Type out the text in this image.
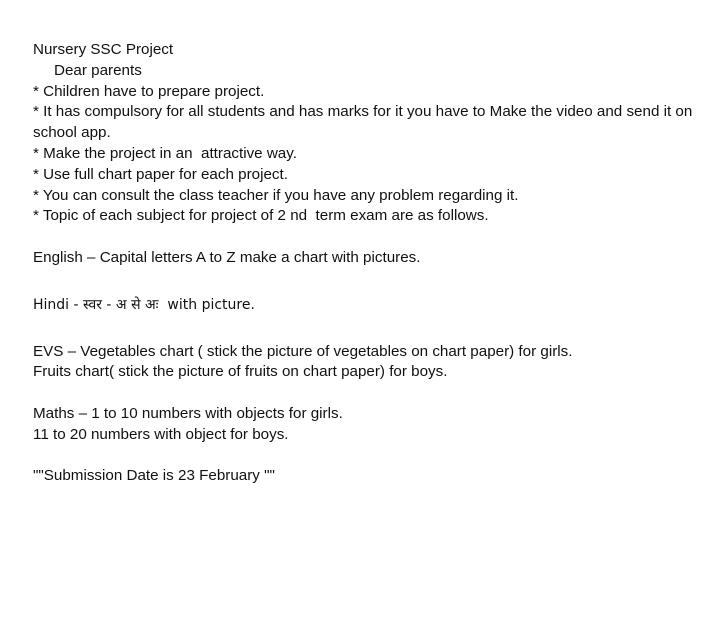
Nursery SSC Project

Dear parents

* Children have to prepare project.

* It has compulsory for all students and has marks for it you have to Make the video and send it on school app.

* Make the project in an  attractive way.

* Use full chart paper for each project.

* You can consult the class teacher if you have any problem regarding it.

* Topic of each subject for project of 2 nd  term exam are as follows.

English – Capital letters A to Z make a chart with pictures.

Hindi - स्वर - अ से अः  with picture.

EVS – Vegetables chart ( stick the picture of vegetables on chart paper) for girls.

Fruits chart( stick the picture of fruits on chart paper) for boys.

Maths – 1 to 10 numbers with objects for girls.

11 to 20 numbers with object for boys.

""Submission Date is 23 February ""
